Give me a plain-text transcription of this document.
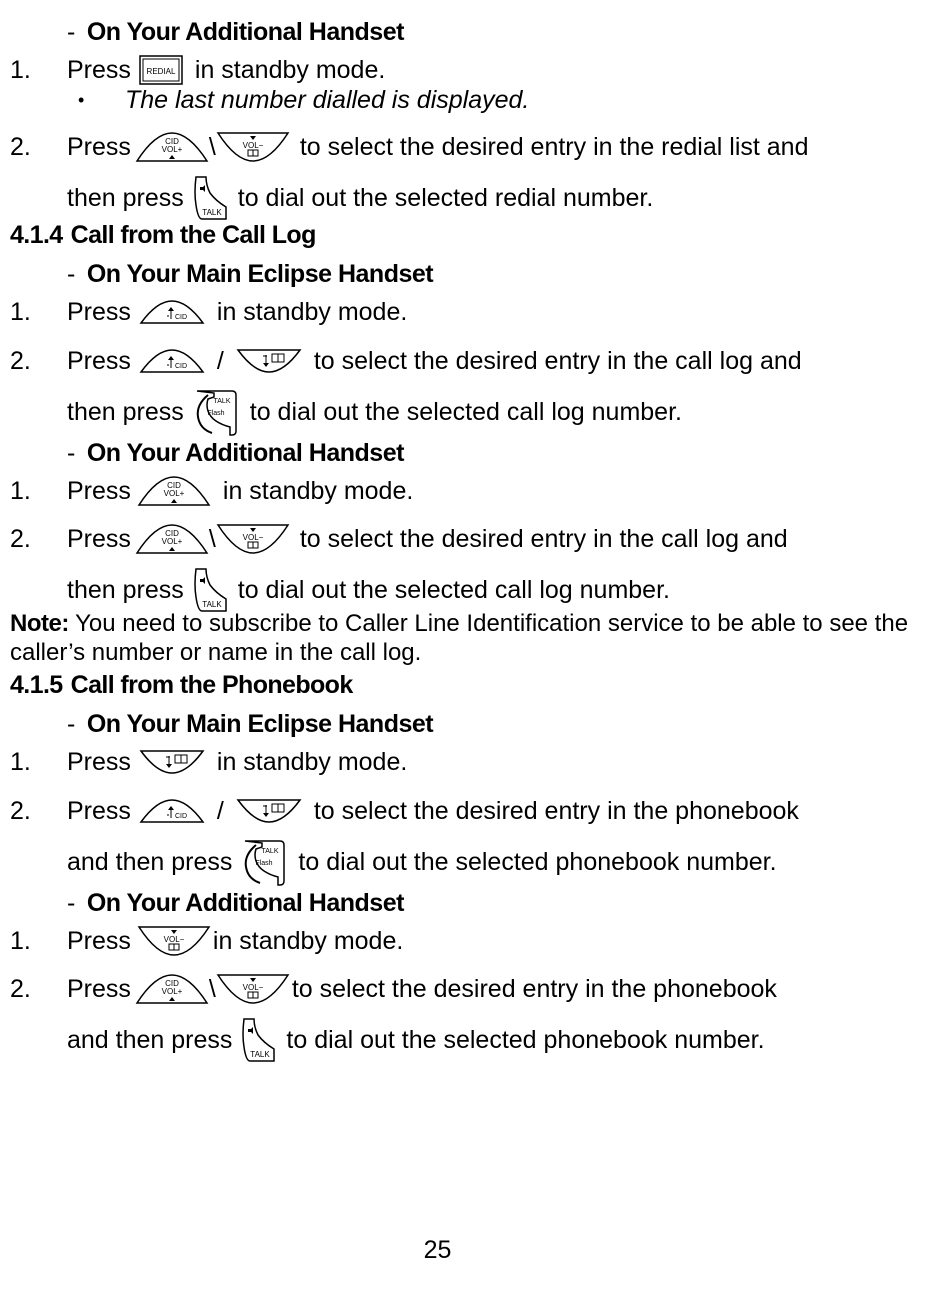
- On Your Additional Handset
1. Press	in standby mode.
• The last number dialled is displayed.
2. Press	\	to select the desired entry in the redial list and
then press to dial out the selected redial number.
4.1.4 Call from the Call Log
- On Your Main Eclipse Handset
1. Press	in standby mode.
2. Press	/	to select the desired entry in the call log and
then press	to dial out the selected call log number.
- On Your Additional Handset
1. Press	in standby mode.
2. Press	\	to select the desired entry in the call log and
then press to dial out the selected call log number.
Note: You need to subscribe to Caller Line Identification service to be able to see the caller’s number or name in the call log.
4.1.5 Call from the Phonebook
- On Your Main Eclipse Handset
1. Press	in standby mode.
2. Press	/	to select the desired entry in the phonebook
and then press	to dial out the selected phonebook number.
- On Your Additional Handset
1. Press	in standby mode.
2. Press	\	to select the desired entry in the phonebook
and then press to dial out the selected phonebook number.
25
